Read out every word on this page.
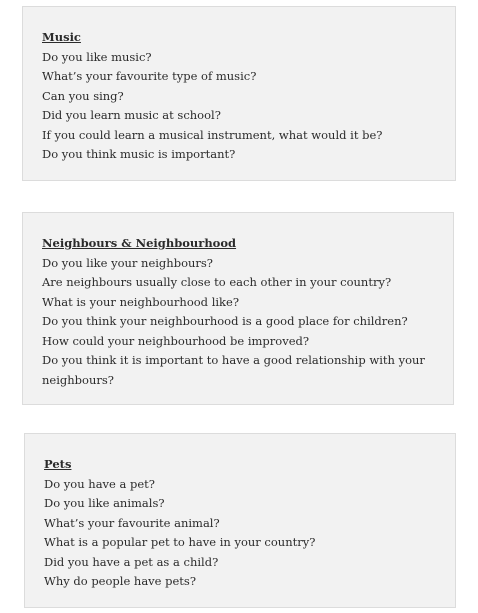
Music
Do you like music?
What’s your favourite type of music?
Can you sing?
Did you learn music at school?
If you could learn a musical instrument, what would it be?
Do you think music is important?
Neighbours & Neighbourhood
Do you like your neighbours?
Are neighbours usually close to each other in your country?
What is your neighbourhood like?
Do you think your neighbourhood is a good place for children?
How could your neighbourhood be improved?
Do you think it is important to have a good relationship with your neighbours?
Pets
Do you have a pet?
Do you like animals?
What’s your favourite animal?
What is a popular pet to have in your country?
Did you have a pet as a child?
Why do people have pets?
